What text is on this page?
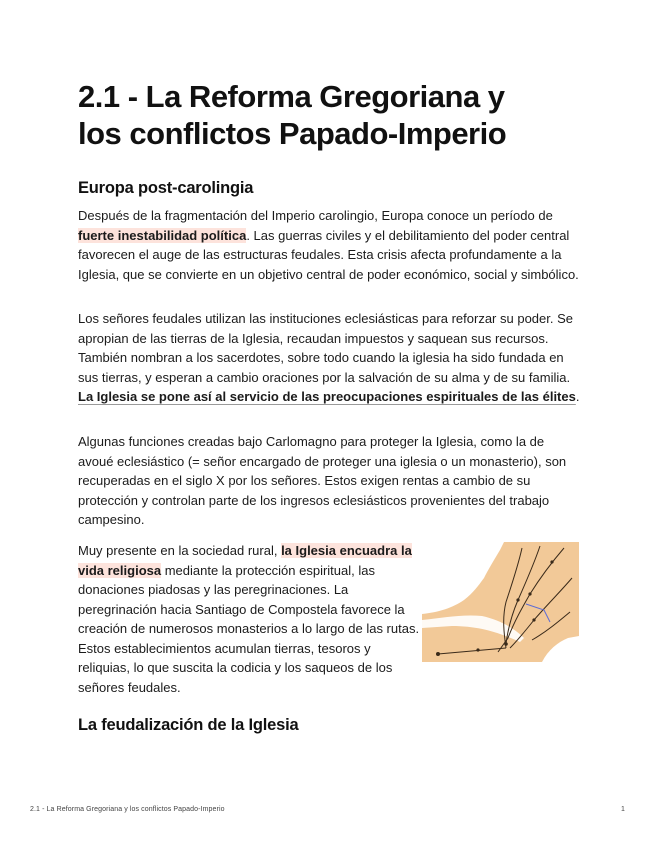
2.1 - La Reforma Gregoriana y
los conflictos Papado-Imperio
Europa post-carolingia

Después de la fragmentación del Imperio carolingio, Europa conoce un período de fuerte inestabilidad política. Las guerras civiles y el debilitamiento del poder central favorecen el auge de las estructuras feudales. Esta crisis afecta profundamente a la Iglesia, que se convierte en un objetivo central de poder económico, social y simbólico.

Los señores feudales utilizan las instituciones eclesiásticas para reforzar su poder. Se apropian de las tierras de la Iglesia, recaudan impuestos y saquean sus recursos. También nombran a los sacerdotes, sobre todo cuando la iglesia ha sido fundada en sus tierras, y esperan a cambio oraciones por la salvación de su alma y de su familia. La Iglesia se pone así al servicio de las preocupaciones espirituales de las élites.

Algunas funciones creadas bajo Carlomagno para proteger la Iglesia, como la de avoué eclesiástico (= señor encargado de proteger una iglesia o un monasterio), son recuperadas en el siglo X por los señores. Estos exigen rentas a cambio de su protección y controlan parte de los ingresos eclesiásticos provenientes del trabajo campesino.

Muy presente en la sociedad rural, la Iglesia encuadra la vida religiosa mediante la protección espiritual, las donaciones piadosas y las peregrinaciones. La peregrinación hacia Santiago de Compostela favorece la creación de numerosos monasterios a lo largo de las rutas. Estos establecimientos acumulan tierras, tesoros y reliquias, lo que suscita la codicia y los saqueos de los señores feudales.

La feudalización de la Iglesia
2.1 - La Reforma Gregoriana y los conflictos Papado-Imperio	1
